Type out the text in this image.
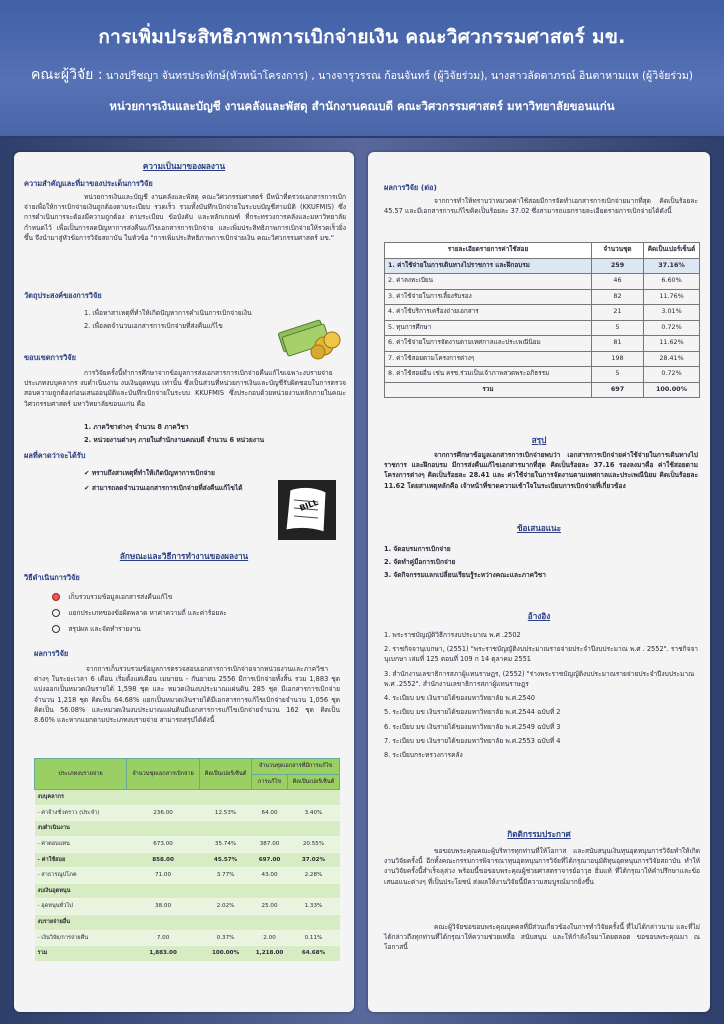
การเพิ่มประสิทธิภาพการเบิกจ่ายเงิน คณะวิศวกรรมศาสตร์ มข.
คณะผู้วิจัย : นางปรีชญา จันทรประทักษ์(หัวหน้าโครงการ) , นางจารุวรรณ ก้อนจันทร์ (ผู้วิจัยร่วม), นางสาวลัดดาภรณ์ อินตาหามแห (ผู้วิจัยร่วม)
หน่วยการเงินและบัญชี งานคลังและพัสดุ สำนักงานคณบดี คณะวิศวกรรมศาสตร์ มหาวิทยาลัยขอนแก่น
ความเป็นมาของผลงาน
ความสำคัญและที่มาของประเด็นการวิจัย
หน่วยการเงินและบัญชี งานคลังและพัสดุ คณะวิศวกรรมศาสตร์ มีหน้าที่ตรวจเอกสารการเบิกจ่ายเพื่อให้การเบิกจ่ายเงินถูกต้องตามระเบียบ รวดเร็ว รวมทั้งบันทึกเบิกจ่ายในระบบบัญชีสามมิติ (KKUFMIS) ซึ่งการดำเนินการจะต้องมีความถูกต้อง ตามระเบียบ ข้อบังคับ และหลักเกณฑ์ ที่กระทรวงการคลังและมหาวิทยาลัยกำหนดไว้ เพื่อเป็นการลดปัญหาการส่งคืนแก้ไขเอกสารการเบิกจ่าย และเพิ่มประสิทธิภาพการเบิกจ่ายให้รวดเร็วยิ่งขึ้น จึงนำมาสู่หัวข้อการวิจัยสถาบัน ในหัวข้อ "การเพิ่มประสิทธิภาพการเบิกจ่ายเงิน คณะวิศวกรรมศาสตร์ มข."
วัตถุประสงค์ของการวิจัย
1. เพื่อหาสาเหตุที่ทำให้เกิดปัญหาการคำเนินการเบิกจ่ายเงิน
2. เพื่อลดจำนวนเอกสารการเบิกจ่ายที่ส่งคืนแก้ไข
ขอบเขตการวิจัย
การวิจัยครั้งนี้ทำการศึกษาจากข้อมูลการส่งเอกสารการเบิกจ่ายคืนแก้ไขเฉพาะงบรายจ่ายประเภทงบบุคลากร งบดำเนินงาน งบเงินอุดหนุน เท่านั้น ซึ่งเป็นส่วนที่หน่วยการเงินและบัญชีรับผิดชอบในการตรวจสอบความถูกต้องก่อนเสนออนุมัติและบันทึกเบิกจ่ายในระบบ KKUFMIS ซึ่งประกอบด้วยหน่วยงานหลักภายในคณะวิศวกรรมศาสตร์ มหาวิทยาลัยขอนแก่น คือ
1. ภาควิชาต่างๆ จำนวน 8 ภาควิชา
2. หน่วยงานต่างๆ ภายในสำนักงานคณบดี จำนวน 6 หน่วยงาน
ผลที่คาดว่าจะได้รับ
✔ ทราบถึงสาเหตุที่ทำให้เกิดปัญหาการเบิกจ่าย
✔ สามารถลดจำนวนเอกสารการเบิกจ่ายที่ส่งคืนแก้ไขได้
BILL
ลักษณะและวิธีการทำงานของผลงาน
วิธีดำเนินการวิจัย
เก็บรวบรวมข้อมูลเอกสารส่งคืนแก้ไข
แยกประเภทของข้อผิดพลาด หาค่าความถี่ และค่าร้อยละ
สรุปผล และจัดทำรายงาน
ผลการวิจัย
จากการเก็บรวบรวมข้อมูลการตรวจสอบเอกสารการเบิกจ่ายจากหน่วยงานและภาควิชาต่างๆ ในระยะเวลา 6 เดือน เริ่มตั้งแต่เดือน เมษายน - กันยายน 2556 มีการเบิกจ่ายทั้งสิ้น รวม 1,883 ชุด แบ่งออกเป็นหมวดเงินรายได้ 1,598 ชุด และ หมวดเงินงบประมาณแผ่นดิน 285 ชุด มีเอกสารการเบิกจ่ายจำนวน 1,218 ชุด คิดเป็น 64.68% แยกเป็นหมวดเงินรายได้มีเอกสารการแก้ไขเบิกจ่ายจำนวน 1,056 ชุด คิดเป็น 56.08% และหมวดเงินงบประมาณแผ่นดินมีเอกสารการแก้ไขเบิกจ่ายจำนวน 162 ชุด คิดเป็น 8.60% และหากแยกตามประเภทงบรายจ่าย สามารถสรุปได้ดังนี้
ประเภทงบรายจ่าย	จำนวนชุดเอกสารเบิกจ่าย	คิดเป็นเปอร์เซ็นต์	จำนวนชุดเอกสารที่มีการแก้ไข	
			การแก้ไข	คิดเป็นเปอร์เซ็นต์
งบบุคลากร				
- ค่าจ้างชั่วคราว (ประจำ)	236.00	12.53%	64.00	3.40%
งบดำเนินงาน				
- ค่าตอบแทน	673.00	35.74%	387.00	20.55%
- ค่าใช้สอย	858.00	45.57%	697.00	37.02%
- สาธารณูปโภค	71.00	3.77%	43.00	2.28%
งบเงินอุดหนุน				
- อุดหนุนทั่วไป	38.00	2.02%	25.00	1.33%
งบรายจ่ายอื่น				
- เงินวิจัย/การจ่ายคืน	7.00	0.37%	2.00	0.11%
รวม	1,883.00	100.00%	1,218.00	64.68%
ผลการวิจัย (ต่อ)
จากการทำให้ทราบว่าหมวดค่าใช้สอยมีการจัดทำเอกสารการเบิกจ่ายมากที่สุด คิดเป็นร้อยละ 45.57 และมีเอกสารการแก้ไขคิดเป็นร้อยละ 37.02 ซึ่งสามารถแยกรายละเอียดรายการเบิกจ่ายได้ดังนี้
รายละเอียดรายการค่าใช้สอย	จำนวนชุด	คิดเป็นเปอร์เซ็นต์
1. ค่าใช้จ่ายในการเดินทางไปราชการ และฝึกอบรม	259	37.16%
2. ค่าลงทะเบียน	46	6.60%
3. ค่าใช้จ่ายในการเลี้ยงรับรอง	82	11.76%
4. ค่าใช้บริการเครื่องถ่ายเอกสาร	21	3.01%
5. ทุนการศึกษา	5	0.72%
6. ค่าใช้จ่ายในการจัดงานตามเทศกาลและประเพณีนิยม	81	11.62%
7. ค่าใช้สอยตามโครงการต่างๆ	198	28.41%
8. ค่าใช้สอยอื่น เช่น ครช.ร่วมเป็นเจ้าภาพสวดพระอภิธรรม	5	0.72%
รวม	697	100.00%
สรุป
จากการศึกษาข้อมูลเอกสารการเบิกจ่ายพบว่า เอกสารการเบิกจ่ายค่าใช้จ่ายในการเดินทางไปราชการ และฝึกอบรม มีการส่งคืนแก้ไขเอกสารมากที่สุด คิดเป็นร้อยละ 37.16 รองลงมาคือ ค่าใช้สอยตามโครงการต่างๆ คิดเป็นร้อยละ 28.41 และ ค่าใช้จ่ายในการจัดงานตามเทศกาลและประเพณีนิยม คิดเป็นร้อยละ 11.62 โดยสาเหตุหลักคือ เจ้าหน้าที่ขาดความเข้าใจในระเบียบการเบิกจ่ายที่เกี่ยวข้อง
ข้อเสนอแนะ
1. จัดอบรมการเบิกจ่าย
2. จัดทำคู่มือการเบิกจ่าย
3. จัดกิจกรรมแลกเปลี่ยนเรียนรู้ระหว่างคณะและภาควิชา
อ้างอิง
1. พระราชบัญญัติวิธีการงบประมาณ พ.ศ .2502
2. ราชกิจจานุเบกษา, (2551) "พระราชบัญญัติงบประมาณรายจ่ายประจำปีงบประมาณ พ.ศ . 2552". ราชกิจจานุเบกษา เล่มที่ 125 ตอนที่ 109 ก 14 ตุลาคม 2551
3. สำนักงานเลขาธิการสภาผู้แทนราษฎร, (2552) "ร่างพระราชบัญญัติงบประมาณรายจ่ายประจำปีงบประมาณ พ.ศ .2552". สำนักงานเลขาธิการสภาผู้แทนราษฎร
4. ระเบียบ มข เงินรายได้ของมหาวิทยาลัย พ.ศ.2540
5. ระเบียบ มข เงินรายได้ของมหาวิทยาลัย พ.ศ.2544 ฉบับที่ 2
6. ระเบียบ มข เงินรายได้ของมหาวิทยาลัย พ.ศ.2549 ฉบับที่ 3
7. ระเบียบ มข เงินรายได้ของมหาวิทยาลัย พ.ศ.2553 ฉบับที่ 4
8. ระเบียบกระทรวงการคลัง
กิตติกรรมประกาศ
ขอขอบพระคุณคณะผู้บริหารทุกท่านที่ให้โอกาส และสนับสนุนเงินทุนอุดหนุนการวิจัยทำให้เกิดงานวิจัยครั้งนี้ อีกทั้งคณะกรรมการพิจารณาทุนอุดหนุนการวิจัยที่ได้กรุณาอนุมัติทุนอุดหนุนการวิจัยสถาบัน ทำให้งานวิจัยครั้งนี้สำเร็จลุล่วง พร้อมนี้ขอขอบพระคุณผู้ช่วยศาสตราจารย์อาวุธ ธิ่มแท้ ที่ได้กรุณาให้คำปรึกษาและข้อเสนอแนะต่างๆ ที่เป็นประโยชน์ ส่งผลให้งานวิจัยนี้มีความสมบูรณ์มากยิ่งขึ้น
คณะผู้วิจัยขอขอบพระคุณบุคคลที่มีส่วนเกี่ยวข้องในการทำวิจัยครั้งนี้ ที่ไม่ได้กล่าวนาม และที่ไม่ได้กล่าวถึงทุกท่านที่ได้กรุณาให้ความช่วยเหลือ สนับสนุน และให้กำลังใจมาโดยตลอด ขอขอบพระคุณมา ณ โอกาสนี้
